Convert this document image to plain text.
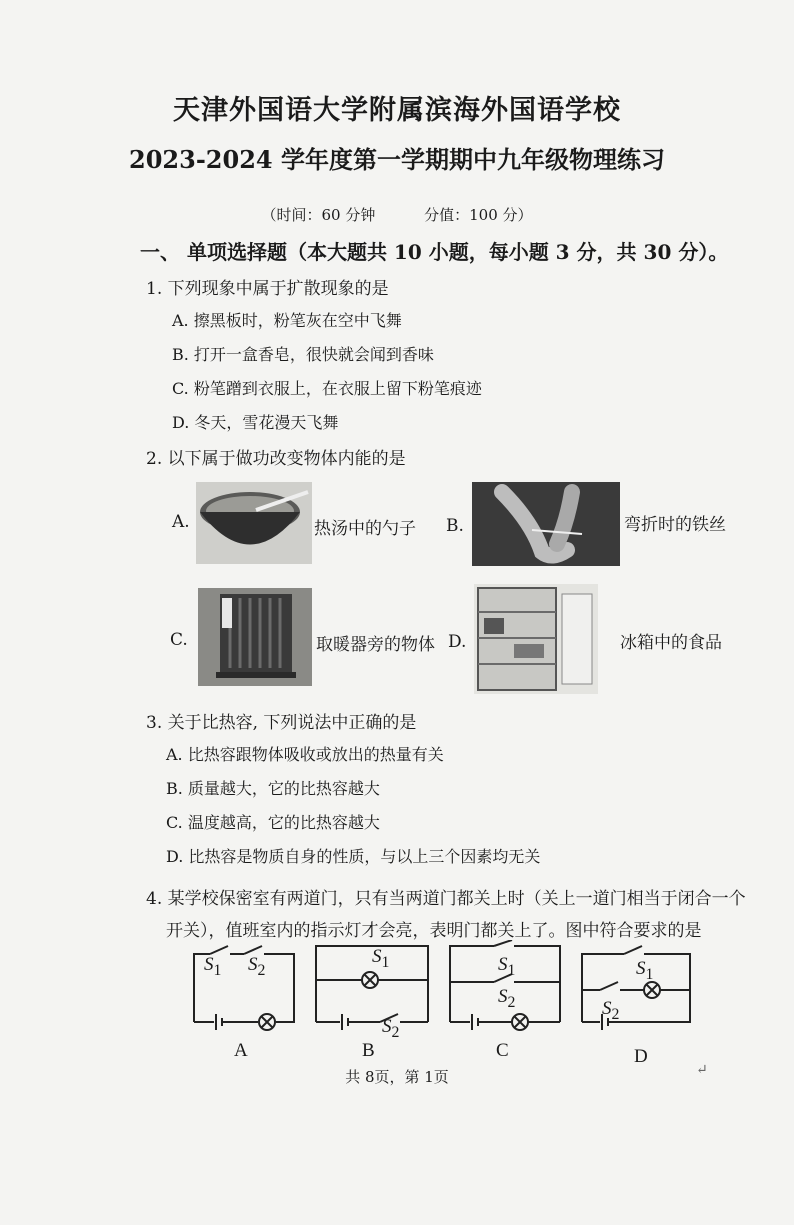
天津外国语大学附属滨海外国语学校
2023-2024 学年度第一学期期中九年级物理练习
（时间：60 分钟	分值：100 分）
一、 单项选择题（本大题共 10 小题，每小题 3 分，共 30 分）。
1. 下列现象中属于扩散现象的是
A. 擦黑板时，粉笔灰在空中飞舞
B. 打开一盒香皂，很快就会闻到香味
C. 粉笔蹭到衣服上，在衣服上留下粉笔痕迹
D. 冬天，雪花漫天飞舞
2. 以下属于做功改变物体内能的是
A.	热汤中的勺子 B.	弯折时的铁丝
C.	取暖器旁的物体 D.	冰箱中的食品
3. 关于比热容, 下列说法中正确的是
A. 比热容跟物体吸收或放出的热量有关
B. 质量越大，它的比热容越大
C. 温度越高，它的比热容越大
D. 比热容是物质自身的性质，与以上三个因素均无关
4. 某学校保密室有两道门，只有当两道门都关上时（关上一道门相当于闭合一个
开关），值班室内的指示灯才会亮，表明门都关上了。图中符合要求的是
$S_1$ $S_2$
$S_1$
$S_2$
$S_1$
$S_2$
$S_1$
$S_2$
A	B	C	D
共 8页，第 1页	↵
